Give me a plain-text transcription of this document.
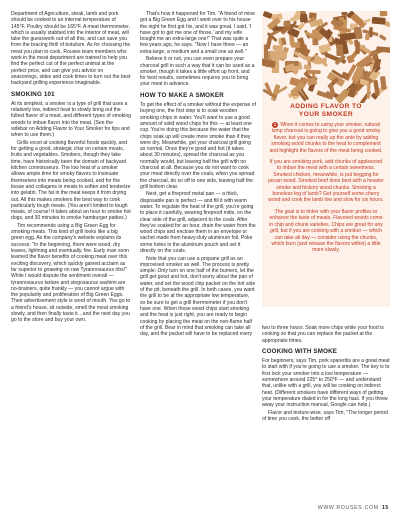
Department of Agriculture, steak, lamb and pork should be cooked to an internal temperature of 145°F. Poultry should be 165°F. A meat thermometer, which is usually stabbed into the interior of meat, will take the guesswork out of all this, and can save you from the bracing thrill of botulism. As for choosing the meat you plan to cook, Rouses team members who work in the meat department are trained to help you find the perfect cut of the perfect animal at the perfect price, and can give you advice on seasonings, sides and cook times to turn out the best backyard grilling experience imaginable.

SMOKING 101

At its simplest, a smoker is a type of grill that uses a relatively low, indirect heat to slowly bring out the fullest flavor of a meat, and different types of smoking woods to imbue flavor into the meat. (See the sidebar on Adding Flavor to Your Smoker for tips and when to use them.)

Grills excel at cooking flavorful foods quickly, and for getting a good, strategic char on certain meats, fruits and vegetables. Smokers, though they take time, have historically been the domain of backyard kitchen connoisseurs. The low heat of a smoker allows ample time for smoky flavors to insinuate themselves into meats being cooked, and for the tissue and collagens in meats to soften and tenderize into gelatin. The fat in the meat keeps it from drying out. All this makes smokers the best way to cook particularly tough meats. (You aren't limited to tough meats, of course! It takes about an hour to smoke hot dogs, and 30 minutes to smoke hamburger patties.)

Tim recommends using a Big Green Egg for smoking meats. This kind of grill looks like a big green egg. As the company's website explains its success: "In the beginning, there were wood, dry leaves, lightning and eventually, fire. Early man soon learned the flavor benefits of cooking meat over this exciting discovery, which quickly gained acclaim as far superior to gnawing on raw Tyrannosaurus ribs!" While I would dispute the sentiment overall — tyrannosaurus tartare and stegosaurus sashimi are no-brainers, quite frankly — you cannot argue with the popularity and proliferation of Big Green Eggs. Their advertisement style is word of mouth. You go to a friend's house, sit outside, smell the meat smoking slowly, and then finally taste it…and the next day you go to the store and buy your own.

That's how it happened for Tim. "A friend of mine got a Big Green Egg and I went over to his house the night he first got his, and it was great. I said, 'I have got to get me one of those,' and my wife bought me an extra-large one!" That was quite a few years ago, he says. "Now I have three — an extra-large, a medium and a small one as well."

Believe it or not, you can even prepare your charcoal grill in such a way that it can be used as a smoker, though it takes a little effort up front, and for best results, sometimes requires you to bring your meat in advance.

HOW TO MAKE A SMOKER

To get the effect of a smoker without the expense of buying one, the first step is to soak wooden smoking chips in water. You'll want to use a good amount of solid wood chips for this — at least one cup. You're doing this because the water that the chips soak up will create more smoke than if they were dry. Meanwhile, get your charcoal grill going as normal. Once they're good and hot (it takes about 30 minutes), spread the charcoal as you normally would, but leaving half the grill with no charcoal at all. Because you do not want to cook your meat directly over the coals, when you spread the charcoal, do so off to one side, leaving half the grill bottom clear.

Next, get a fireproof metal pan — a thick, disposable pan is perfect — and fill it with warm water. To regulate the heat of the grill, you're going to place it carefully, wearing fireproof mitts, on the clear side of the grill, adjacent to the coals. After they've soaked for an hour, drain the water from the wood chips and enclose them in an envelope or sachet made from heavy-duty aluminum foil. Poke some holes in the aluminum pouch and set it directly on the coals.

Note that you can use a propane grill as an improvised smoker as well. The process is pretty simple: Only turn on one half of the burners, let the grill get good and hot, don't worry about the pan of water, and set the wood chip packet on the hot side of the pit, beneath the grill. In both cases, you want the grill to be at the appropriate low temperature, so be sure to get a grill thermometer if you don't have one. When those wood chips start smoking and the heat is just right, you are ready to begin cooking by placing the meat on the non-flame half of the grill. Bear in mind that smoking can take all day, and the packet will have to be replaced every

ADDING FLAVOR TO
YOUR SMOKER

1 When it comes to using your smoker, natural lump charcoal is going to give you a good smoky flavor, but you can really up the ante by adding smoking wood chunks to the heat to complement and highlight the flavors of the meat being cooked.

If you are smoking pork, add chunks of applewood to imbue the meat with a certain sweetness. Smoked chicken, meanwhile, is put begging for pecan wood. Smoked beef does best with a heavier smoke and hickory wood chunks. Smoking a boneless leg of lamb? Get yourself some cherry wood and cook the lamb low and slow for six hours.

The goal is to tinker with your flavor profiles to enhance the taste of meats. Flavored woods come in chip and chunk varieties. Chips are great for any grill, but if you are cooking with a smoker — which can take all day — consider using the chunks, which burn (and release the flavors within) a little more slowly.

two to three hours. Soak more chips while your food is cooking so that you can replace the packet at the appropriate times.

COOKING WITH SMOKE

For beginners, says Tim, pork spareribs are a great meat to start with if you're going to use a smoker. The key is to first lock your smoker into a low temperature — somewhere around 225° to 250°F — and understand that, unlike with a grill, you will be cooking on indirect heat. (Different smokers have different ways of getting your temperature dialed in for the long haul. If you threw away your instruction manual, Google can help.)

Flavor and texture-wise, says Tim, "The longer period of time you cook, the better off

WWW.ROUSES.COM 15
